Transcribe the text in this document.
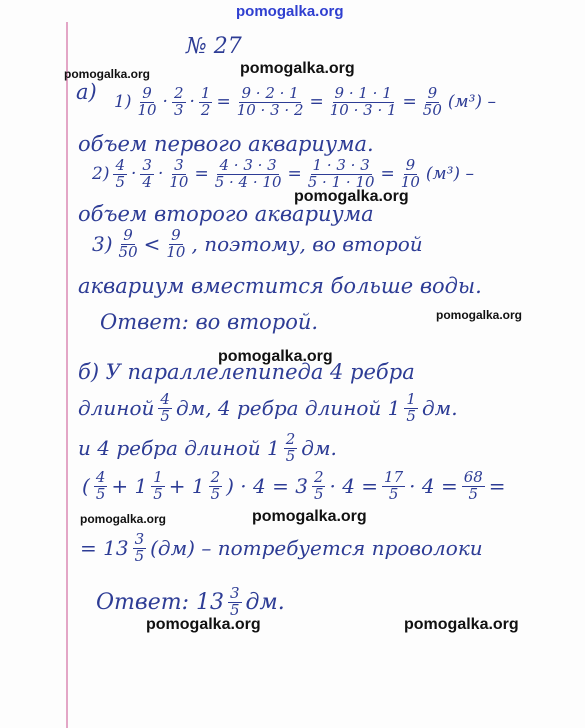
pomogalka.org
pomogalka.org	pomogalka.org
pomogalka.org
pomogalka.org
pomogalka.org
pomogalka.org	pomogalka.org
pomogalka.org	pomogalka.org
№ 27
а) $1) \frac{9}{10} \cdot \frac{2}{3} \cdot \frac{1}{2} = \frac{9 \cdot 2 \cdot 1}{10 \cdot 3 \cdot 2} = \frac{9 \cdot 1 \cdot 1}{10 \cdot 3 \cdot 1} = \frac{9}{50} (м^3)$ –
объем первого аквариума.
$2) \frac{4}{5} \cdot \frac{3}{4} \cdot \frac{3}{10} = \frac{4 \cdot 3 \cdot 3}{5 \cdot 4 \cdot 10} = \frac{1 \cdot 3 \cdot 3}{5 \cdot 1 \cdot 10} = \frac{9}{10} (м^3)$ –
объем второго аквариума
$3) \frac{9}{50} < \frac{9}{10}$ , поэтому, во второй
аквариум вместится больше воды.
Ответ: во второй.
б) У параллелепипеда 4 ребра
длиной $\frac{4}{5}$ дм, 4 ребра длиной $1 \frac{1}{5}$ дм.
и 4 ребра длиной $1 \frac{2}{5}$ дм.
( $\frac{4}{5} + 1 \frac{1}{5} + 1 \frac{2}{5}$ ) · $4 = 3 \frac{2}{5} \cdot 4 = \frac{17}{5} \cdot 4 = \frac{68}{5}$ =
= $13 \frac{3}{5} (дм)$ – потребуется проволоки
Ответ: $13 \frac{3}{5}$ дм.
